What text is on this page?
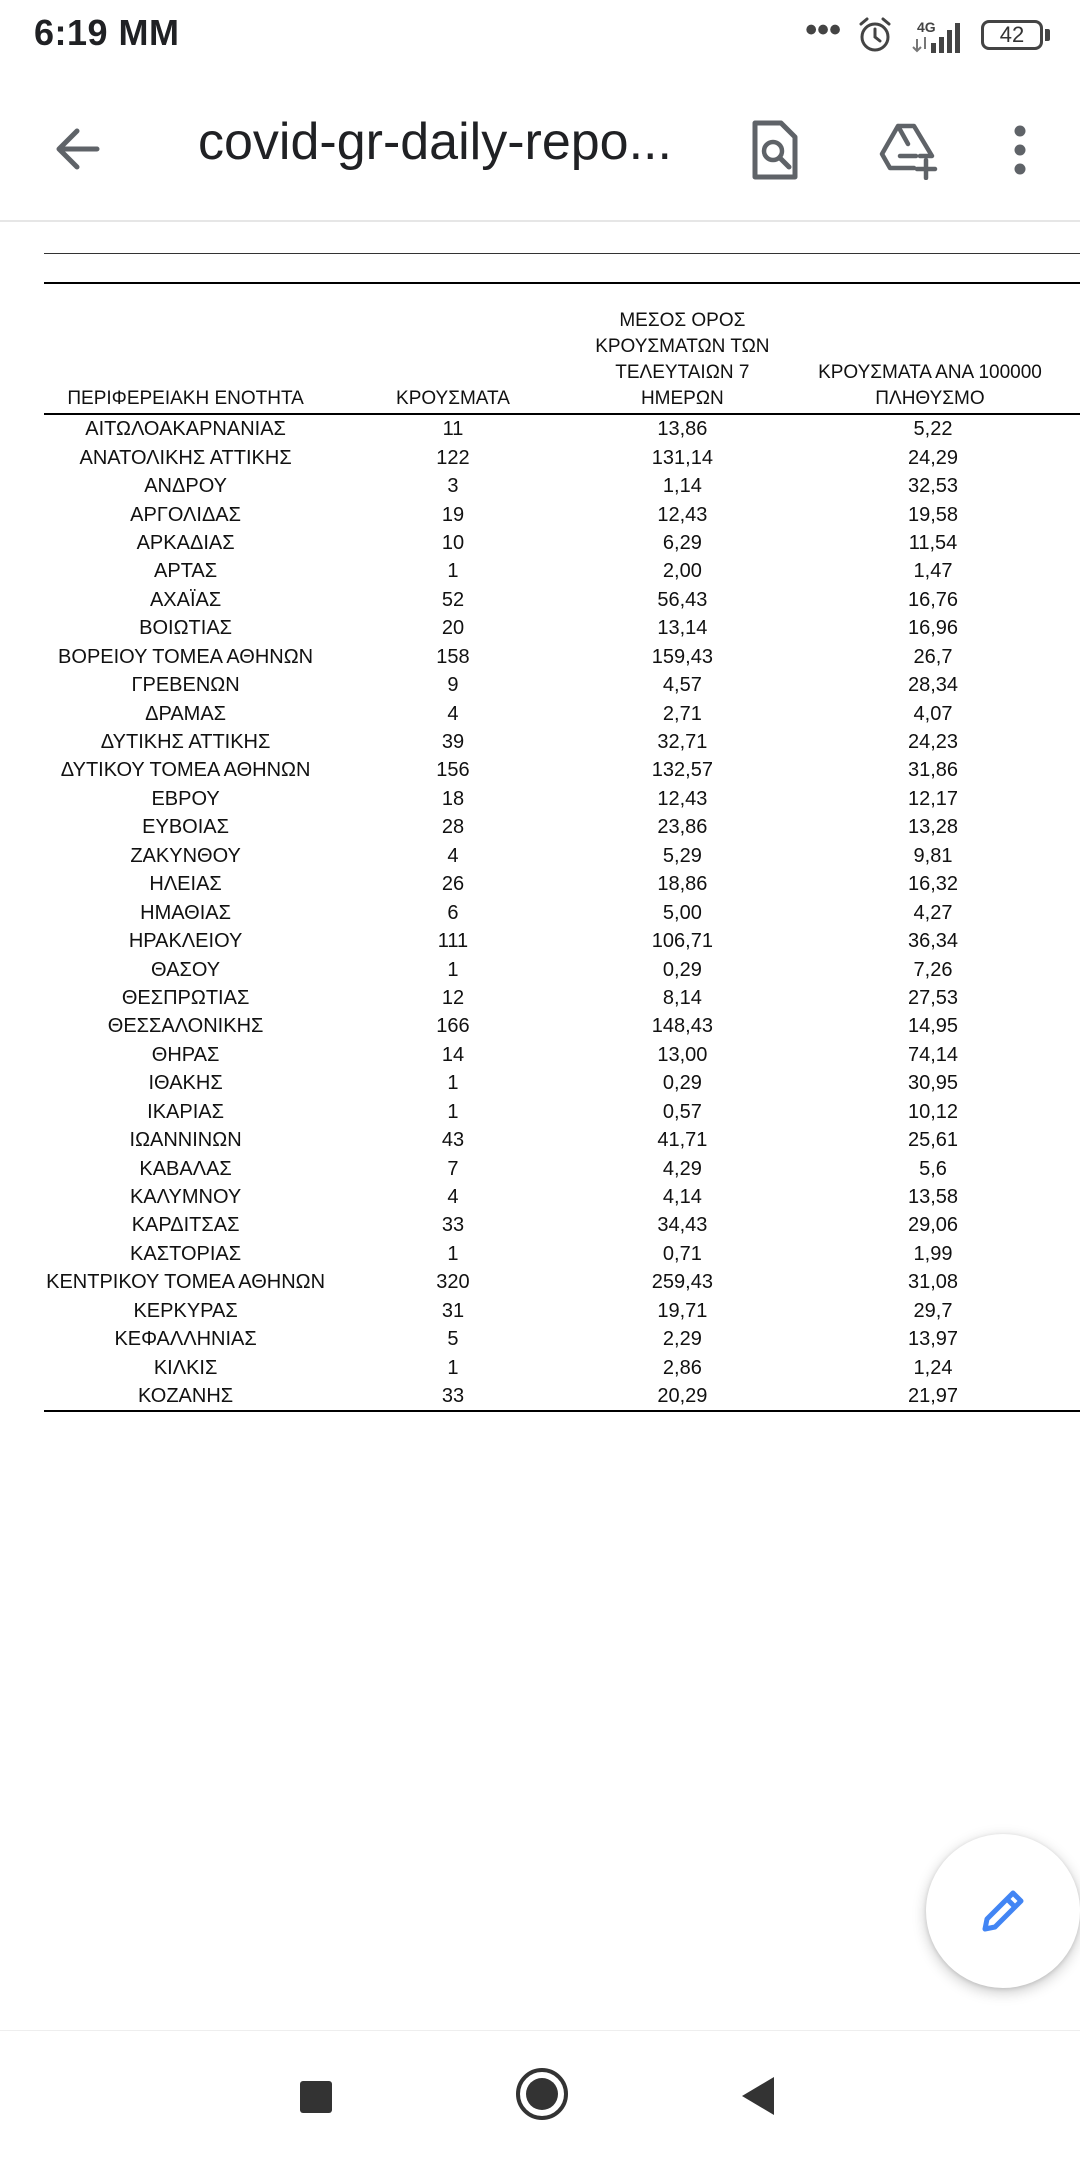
6:19 MM	•••	4G	42
covid-gr-daily-repo...
ΠΕΡΙΦΕΡΕΙΑΚΗ ΕΝΟΤΗΤΑ	ΚΡΟΥΣΜΑΤΑ	ΜΕΣΟΣ ΟΡΟΣ ΚΡΟΥΣΜΑΤΩΝ ΤΩΝ ΤΕΛΕΥΤΑΙΩΝ 7 ΗΜΕΡΩΝ	ΚΡΟΥΣΜΑΤΑ ΑΝΑ 100000 ΠΛΗΘΥΣΜΟ

ΑΙΤΩΛΟΑΚΑΡΝΑΝΙΑΣ	11	13,86	5,22
ΑΝΑΤΟΛΙΚΗΣ ΑΤΤΙΚΗΣ	122	131,14	24,29
ΑΝΔΡΟΥ	3	1,14	32,53
ΑΡΓΟΛΙΔΑΣ	19	12,43	19,58
ΑΡΚΑΔΙΑΣ	10	6,29	11,54
ΑΡΤΑΣ	1	2,00	1,47
ΑΧΑΪΑΣ	52	56,43	16,76
ΒΟΙΩΤΙΑΣ	20	13,14	16,96
ΒΟΡΕΙΟΥ ΤΟΜΕΑ ΑΘΗΝΩΝ	158	159,43	26,7
ΓΡΕΒΕΝΩΝ	9	4,57	28,34
ΔΡΑΜΑΣ	4	2,71	4,07
ΔΥΤΙΚΗΣ ΑΤΤΙΚΗΣ	39	32,71	24,23
ΔΥΤΙΚΟΥ ΤΟΜΕΑ ΑΘΗΝΩΝ	156	132,57	31,86
ΕΒΡΟΥ	18	12,43	12,17
ΕΥΒΟΙΑΣ	28	23,86	13,28
ΖΑΚΥΝΘΟΥ	4	5,29	9,81
ΗΛΕΙΑΣ	26	18,86	16,32
ΗΜΑΘΙΑΣ	6	5,00	4,27
ΗΡΑΚΛΕΙΟΥ	111	106,71	36,34
ΘΑΣΟΥ	1	0,29	7,26
ΘΕΣΠΡΩΤΙΑΣ	12	8,14	27,53
ΘΕΣΣΑΛΟΝΙΚΗΣ	166	148,43	14,95
ΘΗΡΑΣ	14	13,00	74,14
ΙΘΑΚΗΣ	1	0,29	30,95
ΙΚΑΡΙΑΣ	1	0,57	10,12
ΙΩΑΝΝΙΝΩΝ	43	41,71	25,61
ΚΑΒΑΛΑΣ	7	4,29	5,6
ΚΑΛΥΜΝΟΥ	4	4,14	13,58
ΚΑΡΔΙΤΣΑΣ	33	34,43	29,06
ΚΑΣΤΟΡΙΑΣ	1	0,71	1,99
ΚΕΝΤΡΙΚΟΥ ΤΟΜΕΑ ΑΘΗΝΩΝ	320	259,43	31,08
ΚΕΡΚΥΡΑΣ	31	19,71	29,7
ΚΕΦΑΛΛΗΝΙΑΣ	5	2,29	13,97
ΚΙΛΚΙΣ	1	2,86	1,24
ΚΟΖΑΝΗΣ	33	20,29	21,97
